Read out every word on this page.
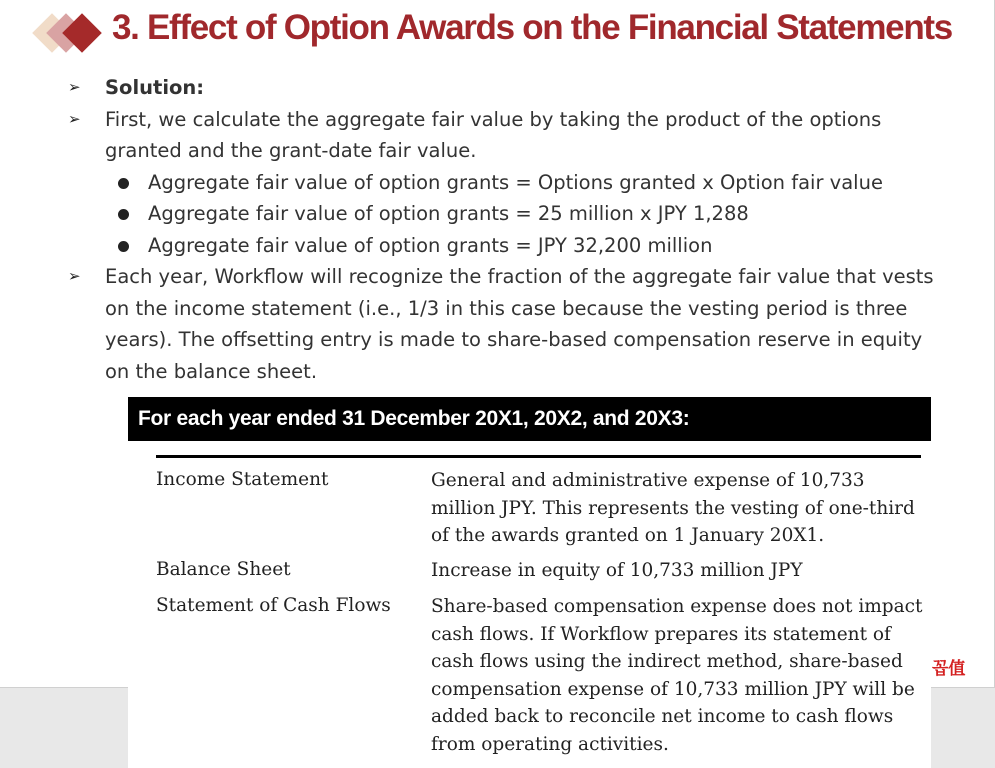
3. Effect of Option Awards on the Financial Statements
➢ Solution:
➢ First, we calculate the aggregate fair value by taking the product of the options granted and the grant-date fair value.
Aggregate fair value of option grants = Options granted x Option fair value
Aggregate fair value of option grants = 25 million x JPY 1,288
Aggregate fair value of option grants = JPY 32,200 million
➢ Each year, Workflow will recognize the fraction of the aggregate fair value that vests on the income statement (i.e., 1/3 in this case because the vesting period is three years). The offsetting entry is made to share-based compensation reserve in equity on the balance sheet.
꼽值
For each year ended 31 December 20X1, 20X2, and 20X3:
Income Statement	General and administrative expense of 10,733 million JPY. This represents the vesting of one-third of the awards granted on 1 January 20X1.
Balance Sheet	Increase in equity of 10,733 million JPY
Statement of Cash Flows Share-based compensation expense does not impact cash flows. If Workflow prepares its statement of cash flows using the indirect method, share-based compensation expense of 10,733 million JPY will be added back to reconcile net income to cash flows from operating activities.
